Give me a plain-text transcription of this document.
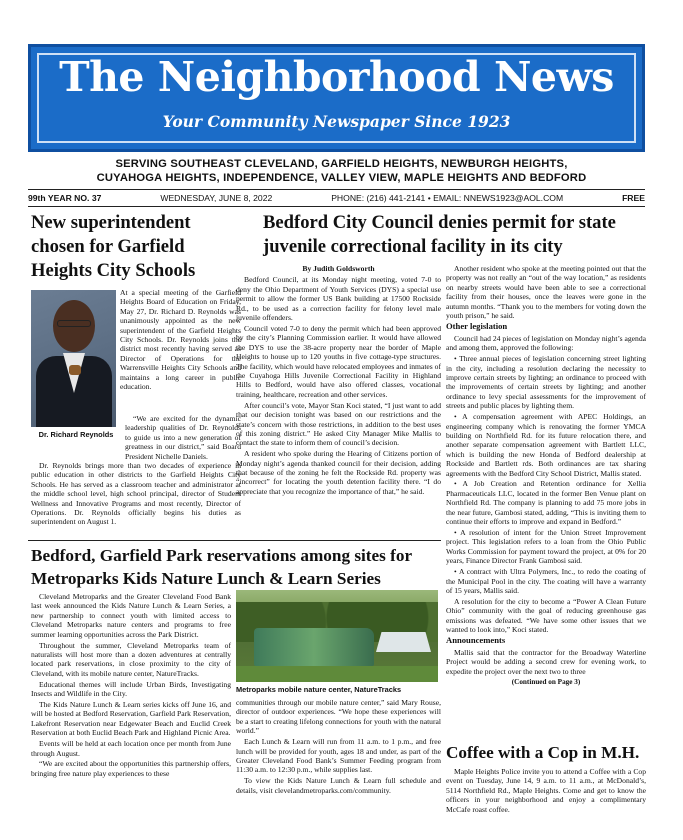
The Neighborhood News
Your Community Newspaper Since 1923
SERVING SOUTHEAST CLEVELAND, GARFIELD HEIGHTS, NEWBURGH HEIGHTS,
CUYAHOGA HEIGHTS, INDEPENDENCE, VALLEY VIEW, MAPLE HEIGHTS AND BEDFORD
99th YEAR NO. 37	WEDNESDAY, JUNE 8, 2022	PHONE: (216) 441-2141 • EMAIL: NNEWS1923@AOL.COM	FREE
New superintendent chosen for Garfield Heights City Schools
Dr. Richard Reynolds

At a special meeting of the Garfield Heights Board of Education on Friday, May 27, Dr. Richard D. Reynolds was unanimously appointed as the new superintendent of the Garfield Heights City Schools. Dr. Reynolds joins the district most recently having served as Director of Operations for the Warrensville Heights City Schools and maintains a long career in public education.

“We are excited for the dynamic leadership qualities of Dr. Reynolds to guide us into a new generation of greatness in our district,” said Board President Nichelle Daniels.

Dr. Reynolds brings more than two decades of experience in public education in other districts to the Garfield Heights City Schools. He has served as a classroom teacher and administrator at the middle school level, high school principal, director of Student Wellness and Innovative Programs and most recently, Director of Operations. Dr. Reynolds officially begins his duties as superintendent on August 1.

Bedford City Council denies permit for state juvenile correctional facility in its city
By Judith Goldsworth

Bedford Council, at its Monday night meeting, voted 7-0 to deny the Ohio Department of Youth Services (DYS) a special use permit to allow the former US Bank building at 17500 Rockside Rd., to be used as a correction facility for felony level male juvenile offenders.

Council voted 7-0 to deny the permit which had been approved by the city’s Planning Commission earlier. It would have allowed the DYS to use the 38-acre property near the border of Maple Heights to house up to 120 youths in five cottage-type structures. The facility, which would have relocated employees and inmates of the Cuyahoga Hills Juvenile Correctional Facility in Highland Hills to Bedford, would have also offered classes, vocational training, healthcare, recreation and other services.

After council’s vote, Mayor Stan Koci stated, “I just want to add that our decision tonight was based on our restrictions and the state’s concern with those restrictions, in addition to the best uses of this zoning district.” He asked City Manager Mike Mallis to contact the state to inform them of council’s decision.

A resident who spoke during the Hearing of Citizens portion of Monday night’s agenda thanked council for their decision, adding that because of the zoning he felt the Rockside Rd. property was “incorrect” for locating the youth detention facility there. “I do appreciate that you recognize the importance of that,” he said.

Another resident who spoke at the meeting pointed out that the property was not really an “out of the way location,” as residents on nearby streets would have been able to see a correctional facility from their houses, once the leaves were gone in the autumn months. “Thank you to the members for voting down the youth prison,” he said.

Other legislation

Council had 24 pieces of legislation on Monday night’s agenda and among them, approved the following:

• Three annual pieces of legislation concerning street lighting in the city, including a resolution declaring the necessity to improve certain streets by lighting; an ordinance to proceed with the improvements of certain streets by lighting; and another ordinance to levy special assessments for the improvement of streets and public places by lighting them.

• A compensation agreement with APEC Holdings, an engineering company which is renovating the former YMCA building on Northfield Rd. for its future relocation there, and another separate compensation agreement with Bartlett LLC, which is building the new Honda of Bedford dealership at Rockside and Bartlett rds. Both ordinances are tax sharing agreements with the Bedford City School District, Mallis stated.

• A Job Creation and Retention ordinance for Xellia Pharmaceuticals LLC, located in the former Ben Venue plant on Northfield Rd. The company is planning to add 75 more jobs in the near future, Gambosi stated, adding, “This is inviting them to continue their efforts to improve and expand in Bedford.”

• A resolution of intent for the Union Street Improvement project. This legislation refers to a loan from the Ohio Public Works Commission for payment toward the project, at 0% for 20 years, Finance Director Frank Gambosi said.

• A contract with Ultra Polymers, Inc., to redo the coating of the Municipal Pool in the city. The coating will have a warranty of 15 years, Mallis said.

A resolution for the city to become a “Power A Clean Future Ohio” community with the goal of reducing greenhouse gas emissions was defeated. “We have some other issues that we wanted to look into,” Koci stated.

Announcements

Mallis said that the contractor for the Broadway Waterline Project would be adding a second crew for evening work, to expedite the project over the next two to three

(Continued on Page 3)
Bedford, Garfield Park reservations among sites for Metroparks Kids Nature Lunch & Learn Series

Cleveland Metroparks and the Greater Cleveland Food Bank last week announced the Kids Nature Lunch & Learn Series, a new partnership to connect youth with limited access to Cleveland Metroparks nature centers and programs to free summer learning opportunities across the Park District.

Throughout the summer, Cleveland Metroparks team of naturalists will host more than a dozen adventures at centrally located park reservations, in close proximity to the city of Cleveland, with its mobile nature center, NatureTracks.

Educational themes will include Urban Birds, Investigating Insects and Wildlife in the City.

The Kids Nature Lunch & Learn series kicks off June 16, and will be hosted at Bedford Reservation, Garfield Park Reservation, Lakefront Reservation near Edgewater Beach and Euclid Creek Reservation at both Euclid Beach Park and Highland Picnic Area.

Events will be held at each location once per month from June through August.

“We are excited about the opportunities this partnership offers, bringing free nature play experiences to these

Metroparks mobile nature center, NatureTracks

communities through our mobile nature center,” said Mary Rouse, director of outdoor experiences. “We hope these experiences will be a start to creating lifelong connections for youth with the natural world.”

Each Lunch & Learn will run from 11 a.m. to 1 p.m., and free lunch will be provided for youth, ages 18 and under, as part of the Greater Cleveland Food Bank’s Summer Feeding program from 11:30 a.m. to 12:30 p.m., while supplies last.

To view the Kids Nature Lunch & Learn full schedule and details, visit clevelandmetroparks.com/community.

Coffee with a Cop in M.H.

Maple Heights Police invite you to attend a Coffee with a Cop event on Tuesday, June 14, 9 a.m. to 11 a.m., at McDonald’s, 5114 Northfield Rd., Maple Heights. Come and get to know the officers in your neighborhood and enjoy a complimentary McCafe roast coffee.
